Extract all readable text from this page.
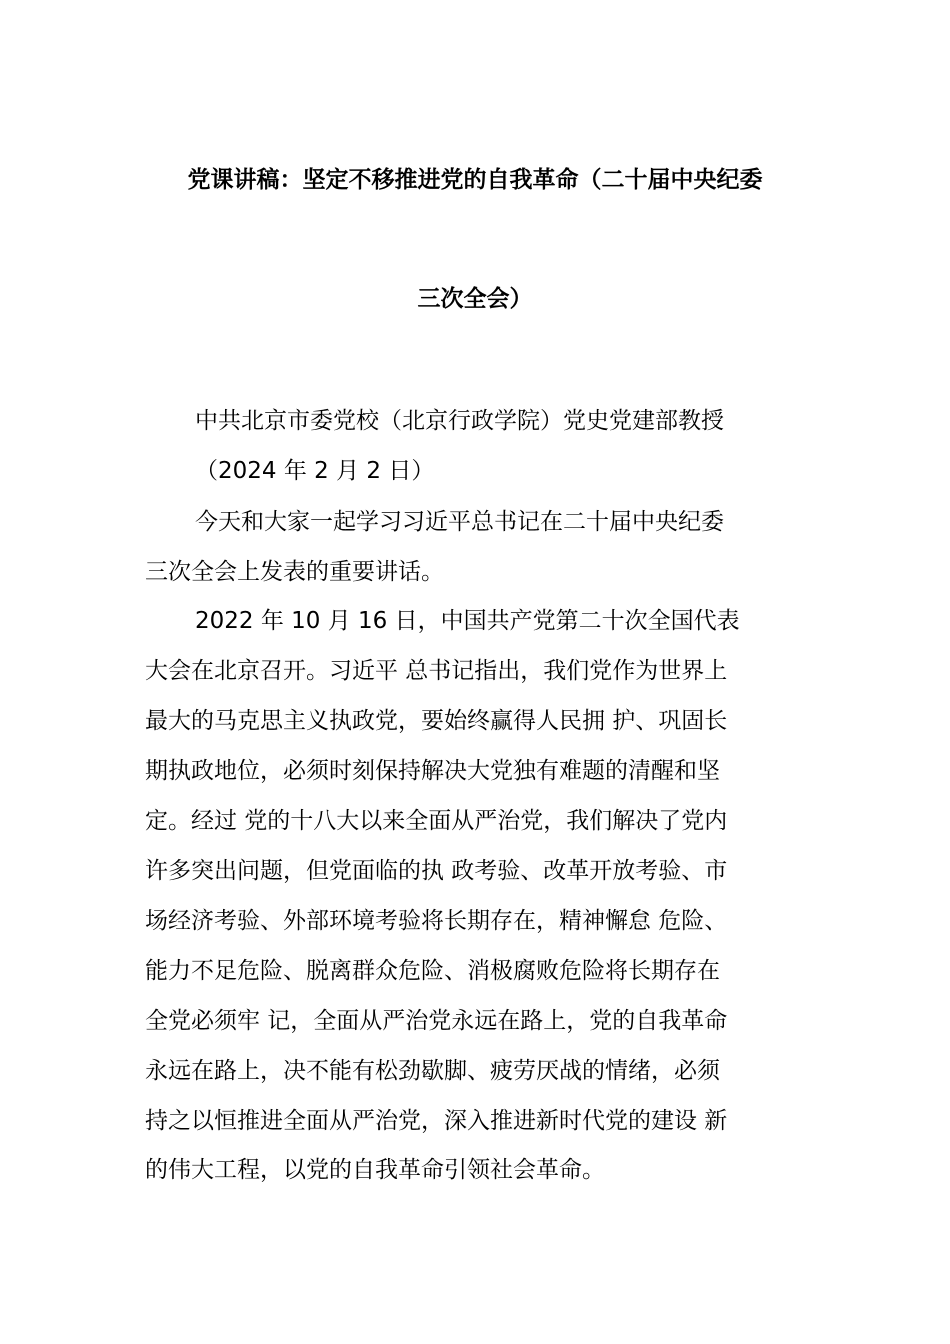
党课讲稿：坚定不移推进党的自我革命（二十届中央纪委
三次全会）

中共北京市委党校（北京行政学院）党史党建部教授

（2024 年 2 月 2 日）

今天和大家一起学习习近平总书记在二十届中央纪委

三次全会上发表的重要讲话。

2022 年 10 月 16 日，中国共产党第二十次全国代表

大会在北京召开。习近平 总书记指出，我们党作为世界上

最大的马克思主义执政党，要始终赢得人民拥 护、巩固长

期执政地位，必须时刻保持解决大党独有难题的清醒和坚

定。经过 党的十八大以来全面从严治党，我们解决了党内

许多突出问题，但党面临的执 政考验、改革开放考验、市

场经济考验、外部环境考验将长期存在，精神懈怠 危险、

能力不足危险、脱离群众危险、消极腐败危险将长期存在

全党必须牢 记，全面从严治党永远在路上，党的自我革命

永远在路上，决不能有松劲歇脚、疲劳厌战的情绪，必须

持之以恒推进全面从严治党，深入推进新时代党的建设 新

的伟大工程，以党的自我革命引领社会革命。
